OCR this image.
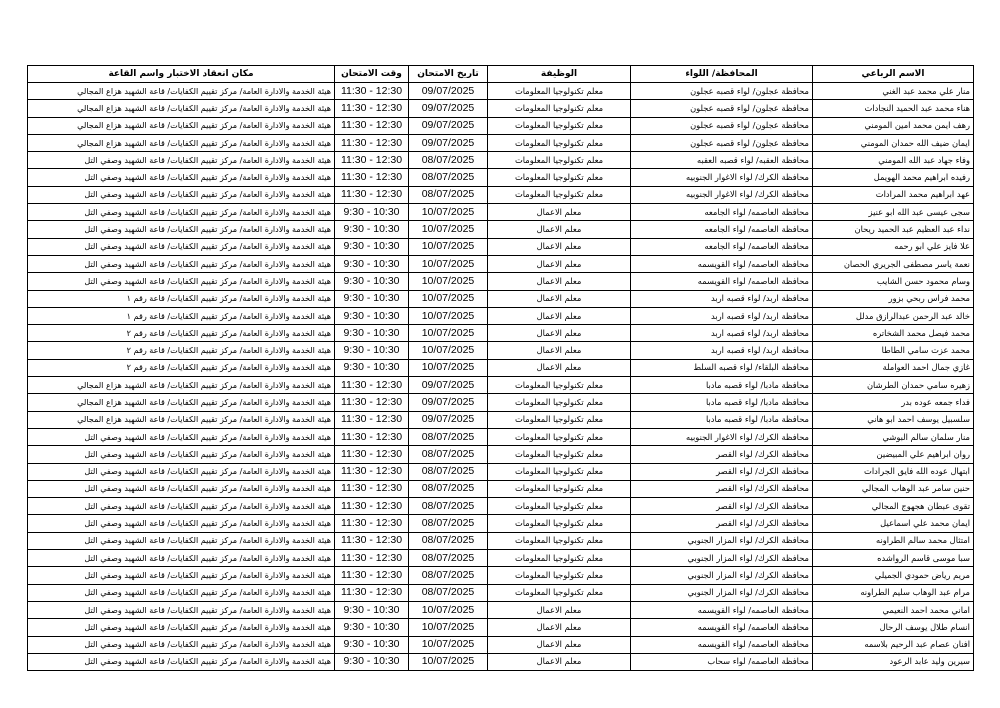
الاسم الرباعي	المحافظة/ اللواء	الوظيفة	تاريخ الامتحان	وقت الامتحان	مكان انعقاد الاختبار واسم القاعة
منار علي محمد عبد الغني	محافظة عجلون/ لواء قصبه عجلون	معلم تكنولوجيا المعلومات	09/07/2025	11:30 - 12:30	هيئة الخدمة والادارة العامة/ مركز تقييم الكفايات/ قاعة الشهيد هزاع المجالي
هناء محمد عبد الحميد النجادات	محافظة عجلون/ لواء قصبه عجلون	معلم تكنولوجيا المعلومات	09/07/2025	11:30 - 12:30	هيئة الخدمة والادارة العامة/ مركز تقييم الكفايات/ قاعة الشهيد هزاع المجالي
رهف ايمن محمد امين المومني	محافظة عجلون/ لواء قصبه عجلون	معلم تكنولوجيا المعلومات	09/07/2025	11:30 - 12:30	هيئة الخدمة والادارة العامة/ مركز تقييم الكفايات/ قاعة الشهيد هزاع المجالي
ايمان ضيف الله حمدان المومني	محافظة عجلون/ لواء قصبه عجلون	معلم تكنولوجيا المعلومات	09/07/2025	11:30 - 12:30	هيئة الخدمة والادارة العامة/ مركز تقييم الكفايات/ قاعة الشهيد هزاع المجالي
وفاء جهاد عبد الله المومني	محافظة العقبه/ لواء قصبه العقبه	معلم تكنولوجيا المعلومات	08/07/2025	11:30 - 12:30	هيئة الخدمة والادارة العامة/ مركز تقييم الكفايات/ قاعة الشهيد وصفي التل
رفيده ابراهيم محمد الهويمل	محافظة الكرك/ لواء الاغوار الجنوبيه	معلم تكنولوجيا المعلومات	08/07/2025	11:30 - 12:30	هيئة الخدمة والادارة العامة/ مركز تقييم الكفايات/ قاعة الشهيد وصفي التل
عهد ابراهيم محمد المرادات	محافظة الكرك/ لواء الاغوار الجنوبيه	معلم تكنولوجيا المعلومات	08/07/2025	11:30 - 12:30	هيئة الخدمة والادارة العامة/ مركز تقييم الكفايات/ قاعة الشهيد وصفي التل
سجى عيسى عبد الله ابو عنيز	محافظة العاصمه/ لواء الجامعه	معلم الاعمال	10/07/2025	9:30 - 10:30	هيئة الخدمة والادارة العامة/ مركز تقييم الكفايات/ قاعة الشهيد وصفي التل
نداء عبد العظيم عبد الحميد ريحان	محافظة العاصمه/ لواء الجامعه	معلم الاعمال	10/07/2025	9:30 - 10:30	هيئة الخدمة والادارة العامة/ مركز تقييم الكفايات/ قاعة الشهيد وصفي التل
علا فايز علي ابو رحمه	محافظة العاصمه/ لواء الجامعه	معلم الاعمال	10/07/2025	9:30 - 10:30	هيئة الخدمة والادارة العامة/ مركز تقييم الكفايات/ قاعة الشهيد وصفي التل
نعمة ياسر مصطفى الجريري الحصان	محافظة العاصمه/ لواء القويسمه	معلم الاعمال	10/07/2025	9:30 - 10:30	هيئة الخدمة والادارة العامة/ مركز تقييم الكفايات/ قاعة الشهيد وصفي التل
وسام محمود حسن الشايب	محافظة العاصمه/ لواء القويسمه	معلم الاعمال	10/07/2025	9:30 - 10:30	هيئة الخدمة والادارة العامة/ مركز تقييم الكفايات/ قاعة الشهيد وصفي التل
محمد فراس ربحي بزور	محافظة اربد/ لواء قصبه اربد	معلم الاعمال	10/07/2025	9:30 - 10:30	هيئة الخدمة والادارة العامة/ مركز تقييم الكفايات/ قاعة رقم ١
خالد عبد الرحمن عبدالرازق مدلل	محافظة اربد/ لواء قصبه اربد	معلم الاعمال	10/07/2025	9:30 - 10:30	هيئة الخدمة والادارة العامة/ مركز تقييم الكفايات/ قاعة رقم ١
محمد فيصل محمد الشخاتره	محافظة اربد/ لواء قصبه اربد	معلم الاعمال	10/07/2025	9:30 - 10:30	هيئة الخدمة والادارة العامة/ مركز تقييم الكفايات/ قاعة رقم ٢
محمد عزت سامي الطاطا	محافظة اربد/ لواء قصبه اربد	معلم الاعمال	10/07/2025	9:30 - 10:30	هيئة الخدمة والادارة العامة/ مركز تقييم الكفايات/ قاعة رقم ٢
غازي جمال احمد العواملة	محافظة البلقاء/ لواء قصبه السلط	معلم الاعمال	10/07/2025	9:30 - 10:30	هيئة الخدمة والادارة العامة/ مركز تقييم الكفايات/ قاعة رقم ٢
زهيره سامي حمدان الطرشان	محافظة مادبا/ لواء قصبه مادبا	معلم تكنولوجيا المعلومات	09/07/2025	11:30 - 12:30	هيئة الخدمة والادارة العامة/ مركز تقييم الكفايات/ قاعة الشهيد هزاع المجالي
فداء جمعه عوده بدر	محافظة مادبا/ لواء قصبه مادبا	معلم تكنولوجيا المعلومات	09/07/2025	11:30 - 12:30	هيئة الخدمة والادارة العامة/ مركز تقييم الكفايات/ قاعة الشهيد هزاع المجالي
سلسبيل يوسف احمد ابو هاني	محافظة مادبا/ لواء قصبه مادبا	معلم تكنولوجيا المعلومات	09/07/2025	11:30 - 12:30	هيئة الخدمة والادارة العامة/ مركز تقييم الكفايات/ قاعة الشهيد هزاع المجالي
منار سلمان سالم البوشي	محافظة الكرك/ لواء الاغوار الجنوبيه	معلم تكنولوجيا المعلومات	08/07/2025	11:30 - 12:30	هيئة الخدمة والادارة العامة/ مركز تقييم الكفايات/ قاعة الشهيد وصفي التل
روان ابراهيم علي المبيضين	محافظة الكرك/ لواء القصر	معلم تكنولوجيا المعلومات	08/07/2025	11:30 - 12:30	هيئة الخدمة والادارة العامة/ مركز تقييم الكفايات/ قاعة الشهيد وصفي التل
ابتهال عوده الله فايق الجرادات	محافظة الكرك/ لواء القصر	معلم تكنولوجيا المعلومات	08/07/2025	11:30 - 12:30	هيئة الخدمة والادارة العامة/ مركز تقييم الكفايات/ قاعة الشهيد وصفي التل
حنين سامر عبد الوهاب المجالي	محافظة الكرك/ لواء القصر	معلم تكنولوجيا المعلومات	08/07/2025	11:30 - 12:30	هيئة الخدمة والادارة العامة/ مركز تقييم الكفايات/ قاعة الشهيد وصفي التل
تقوى عبطان هجهوج المجالي	محافظة الكرك/ لواء القصر	معلم تكنولوجيا المعلومات	08/07/2025	11:30 - 12:30	هيئة الخدمة والادارة العامة/ مركز تقييم الكفايات/ قاعة الشهيد وصفي التل
ايمان محمد علي اسماعيل	محافظة الكرك/ لواء القصر	معلم تكنولوجيا المعلومات	08/07/2025	11:30 - 12:30	هيئة الخدمة والادارة العامة/ مركز تقييم الكفايات/ قاعة الشهيد وصفي التل
امتثال محمد سالم الطراونه	محافظة الكرك/ لواء المزار الجنوبي	معلم تكنولوجيا المعلومات	08/07/2025	11:30 - 12:30	هيئة الخدمة والادارة العامة/ مركز تقييم الكفايات/ قاعة الشهيد وصفي التل
سبا موسى قاسم الرواشده	محافظة الكرك/ لواء المزار الجنوبي	معلم تكنولوجيا المعلومات	08/07/2025	11:30 - 12:30	هيئة الخدمة والادارة العامة/ مركز تقييم الكفايات/ قاعة الشهيد وصفي التل
مريم رياض حمودي الجميلي	محافظة الكرك/ لواء المزار الجنوبي	معلم تكنولوجيا المعلومات	08/07/2025	11:30 - 12:30	هيئة الخدمة والادارة العامة/ مركز تقييم الكفايات/ قاعة الشهيد وصفي التل
مرام عبد الوهاب سليم الطراونه	محافظة الكرك/ لواء المزار الجنوبي	معلم تكنولوجيا المعلومات	08/07/2025	11:30 - 12:30	هيئة الخدمة والادارة العامة/ مركز تقييم الكفايات/ قاعة الشهيد وصفي التل
اماني محمد احمد النعيمي	محافظة العاصمه/ لواء القويسمه	معلم الاعمال	10/07/2025	9:30 - 10:30	هيئة الخدمة والادارة العامة/ مركز تقييم الكفايات/ قاعة الشهيد وصفي التل
انسام طلال يوسف الرحال	محافظة العاصمه/ لواء القويسمه	معلم الاعمال	10/07/2025	9:30 - 10:30	هيئة الخدمة والادارة العامة/ مركز تقييم الكفايات/ قاعة الشهيد وصفي التل
افنان عصام عبد الرحيم بلاسمه	محافظة العاصمه/ لواء القويسمه	معلم الاعمال	10/07/2025	9:30 - 10:30	هيئة الخدمة والادارة العامة/ مركز تقييم الكفايات/ قاعة الشهيد وصفي التل
سيرين وليد عابد الرعود	محافظة العاصمه/ لواء سحاب	معلم الاعمال	10/07/2025	9:30 - 10:30	هيئة الخدمة والادارة العامة/ مركز تقييم الكفايات/ قاعة الشهيد وصفي التل
